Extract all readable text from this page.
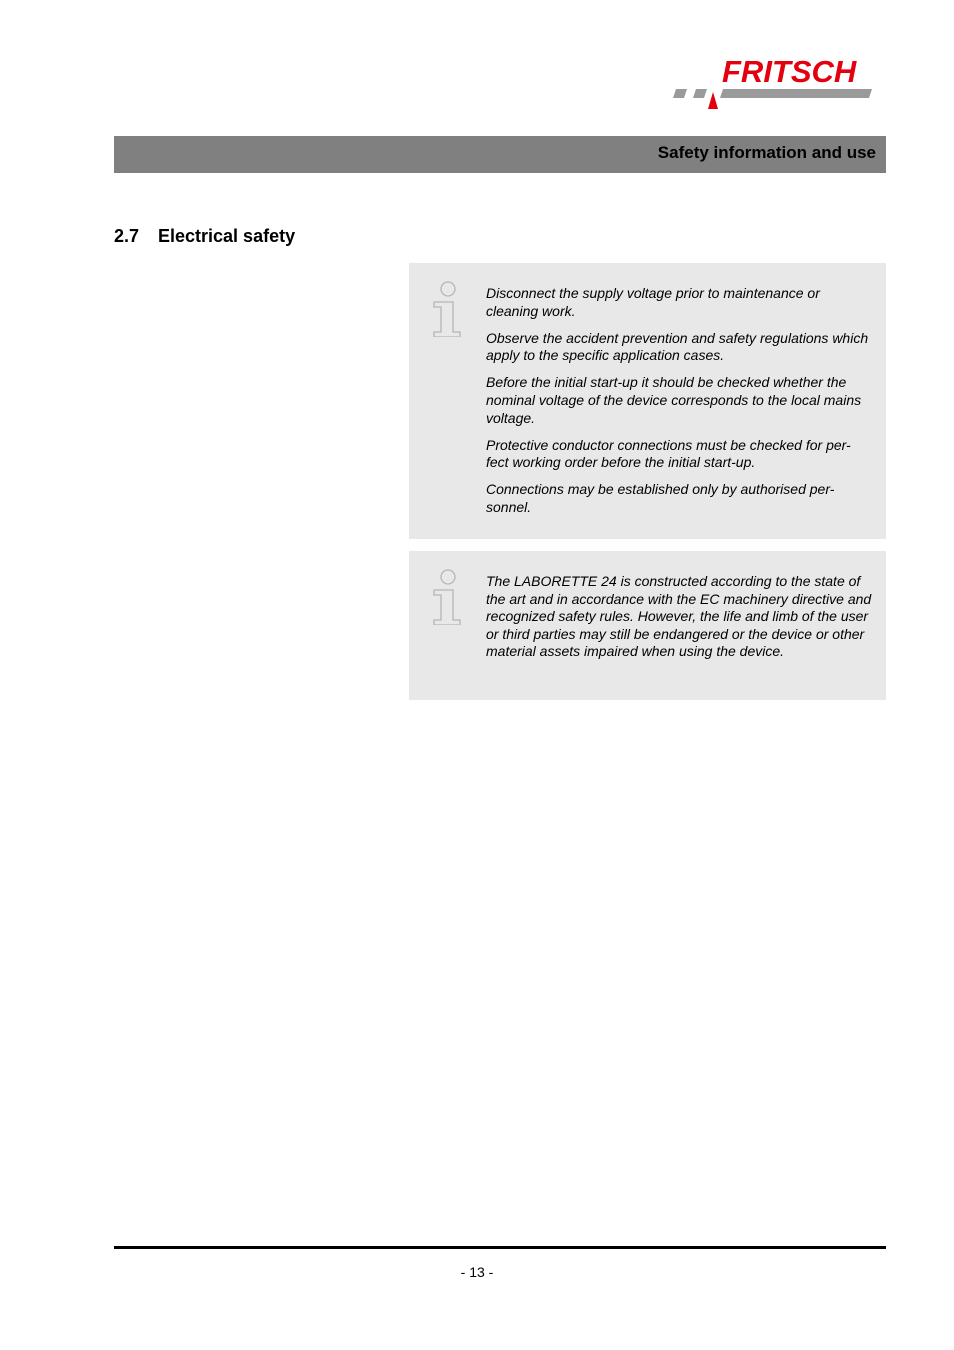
FRITSCH
Safety information and use
2.7 Electrical safety

Disconnect the supply voltage prior to maintenance or cleaning work.

Observe the accident prevention and safety regulations which apply to the specific application cases.

Before the initial start-up it should be checked whether the nominal voltage of the device corresponds to the local mains voltage.

Protective conductor connections must be checked for per-fect working order before the initial start-up.

Connections may be established only by authorised per-sonnel.

The LABORETTE 24 is constructed according to the state of the art and in accordance with the EC machinery directive and recognized safety rules. However, the life and limb of the user or third parties may still be endangered or the device or other material assets impaired when using the device.

- 13 -
